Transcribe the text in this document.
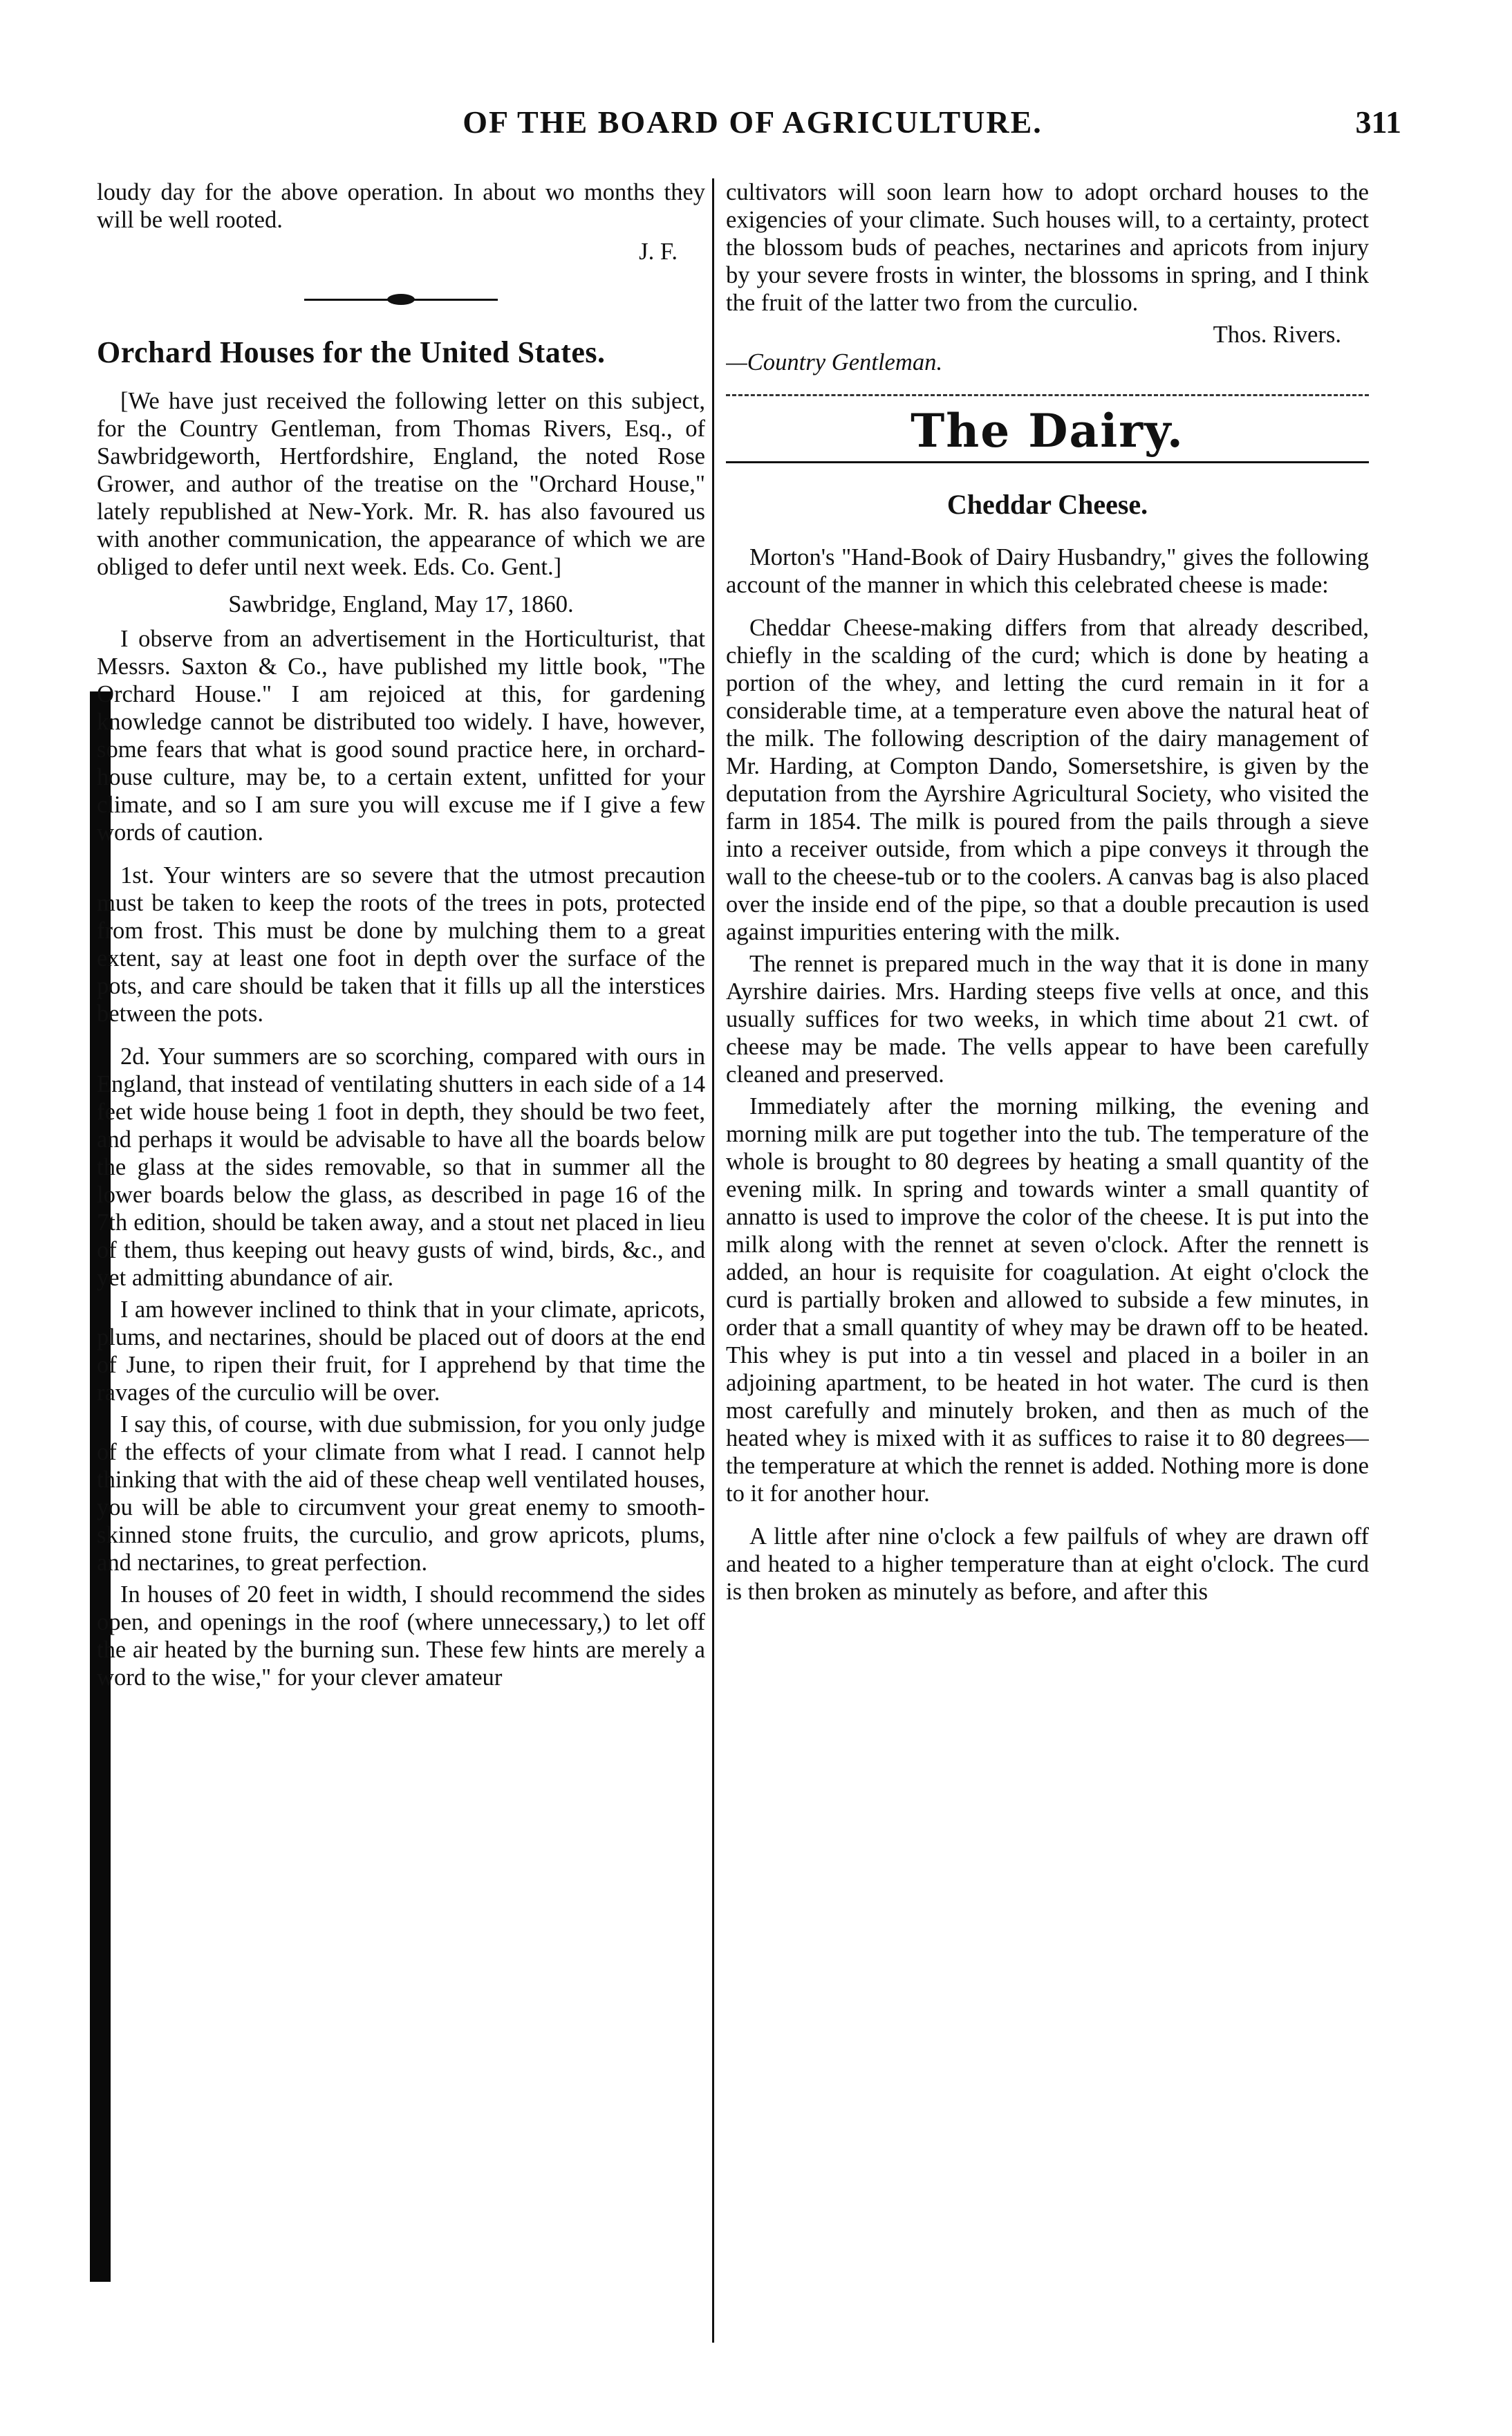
OF THE BOARD OF AGRICULTURE.	311

loudy day for the above operation. In about wo months they will be well rooted.

J. F.

Orchard Houses for the United States.

[We have just received the following letter on this subject, for the Country Gentleman, from Thomas Rivers, Esq., of Sawbridgeworth, Hertfordshire, England, the noted Rose Grower, and author of the treatise on the "Orchard House," lately republished at New-York. Mr. R. has also favoured us with another communication, the appearance of which we are obliged to defer until next week. Eds. Co. Gent.]

Sawbridge, England, May 17, 1860.

I observe from an advertisement in the Horticulturist, that Messrs. Saxton & Co., have published my little book, "The Orchard House." I am rejoiced at this, for gardening knowledge cannot be distributed too widely. I have, however, some fears that what is good sound practice here, in orchard-house culture, may be, to a certain extent, unfitted for your climate, and so I am sure you will excuse me if I give a few words of caution.

1st. Your winters are so severe that the utmost precaution must be taken to keep the roots of the trees in pots, protected from frost. This must be done by mulching them to a great extent, say at least one foot in depth over the surface of the pots, and care should be taken that it fills up all the interstices between the pots.

2d. Your summers are so scorching, compared with ours in England, that instead of ventilating shutters in each side of a 14 feet wide house being 1 foot in depth, they should be two feet, and perhaps it would be advisable to have all the boards below the glass at the sides removable, so that in summer all the lower boards below the glass, as described in page 16 of the 7th edition, should be taken away, and a stout net placed in lieu of them, thus keeping out heavy gusts of wind, birds, &c., and yet admitting abundance of air.

I am however inclined to think that in your climate, apricots, plums, and nectarines, should be placed out of doors at the end of June, to ripen their fruit, for I apprehend by that time the ravages of the curculio will be over.

I say this, of course, with due submission, for you only judge of the effects of your climate from what I read. I cannot help thinking that with the aid of these cheap well ventilated houses, you will be able to circumvent your great enemy to smooth-skinned stone fruits, the curculio, and grow apricots, plums, and nectarines, to great perfection.

In houses of 20 feet in width, I should recommend the sides open, and openings in the roof (where unnecessary,) to let off the air heated by the burning sun. These few hints are merely a word to the wise," for your clever amateur

cultivators will soon learn how to adopt orchard houses to the exigencies of your climate. Such houses will, to a certainty, protect the blossom buds of peaches, nectarines and apricots from injury by your severe frosts in winter, the blossoms in spring, and I think the fruit of the latter two from the curculio.

Thos. Rivers.

—Country Gentleman.

The Dairy.
Cheddar Cheese.

Morton's "Hand-Book of Dairy Husbandry," gives the following account of the manner in which this celebrated cheese is made:

Cheddar Cheese-making differs from that already described, chiefly in the scalding of the curd; which is done by heating a portion of the whey, and letting the curd remain in it for a considerable time, at a temperature even above the natural heat of the milk. The following description of the dairy management of Mr. Harding, at Compton Dando, Somersetshire, is given by the deputation from the Ayrshire Agricultural Society, who visited the farm in 1854. The milk is poured from the pails through a sieve into a receiver outside, from which a pipe conveys it through the wall to the cheese-tub or to the coolers. A canvas bag is also placed over the inside end of the pipe, so that a double precaution is used against impurities entering with the milk.

The rennet is prepared much in the way that it is done in many Ayrshire dairies. Mrs. Harding steeps five vells at once, and this usually suffices for two weeks, in which time about 21 cwt. of cheese may be made. The vells appear to have been carefully cleaned and preserved.

Immediately after the morning milking, the evening and morning milk are put together into the tub. The temperature of the whole is brought to 80 degrees by heating a small quantity of the evening milk. In spring and towards winter a small quantity of annatto is used to improve the color of the cheese. It is put into the milk along with the rennet at seven o'clock. After the rennett is added, an hour is requisite for coagulation. At eight o'clock the curd is partially broken and allowed to subside a few minutes, in order that a small quantity of whey may be drawn off to be heated. This whey is put into a tin vessel and placed in a boiler in an adjoining apartment, to be heated in hot water. The curd is then most carefully and minutely broken, and then as much of the heated whey is mixed with it as suffices to raise it to 80 degrees—the temperature at which the rennet is added. Nothing more is done to it for another hour.

A little after nine o'clock a few pailfuls of whey are drawn off and heated to a higher temperature than at eight o'clock. The curd is then broken as minutely as before, and after this
